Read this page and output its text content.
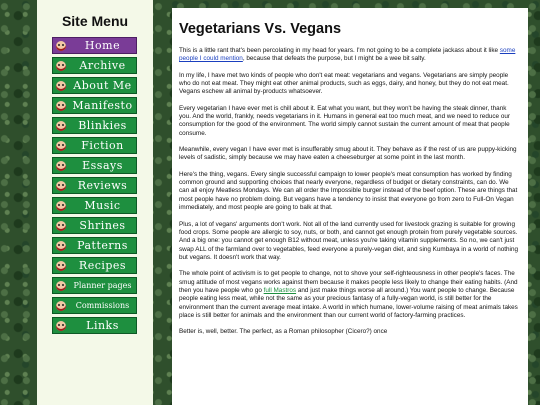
Site Menu
Home
Archive
About Me
Manifesto
Blinkies
Fiction
Essays
Reviews
Music
Shrines
Patterns
Recipes
Planner pages
Commissions
Links
Vegetarians Vs. Vegans

This is a little rant that's been percolating in my head for years. I'm not going to be a complete jackass about it like some people I could mention, because that defeats the purpose, but I might be a wee bit salty.

In my life, I have met two kinds of people who don't eat meat: vegetarians and vegans. Vegetarians are simply people who do not eat meat. They might eat other animal products, such as eggs, dairy, and honey, but they do not eat meat. Vegans eschew all animal by-products whatsoever.

Every vegetarian I have ever met is chill about it. Eat what you want, but they won't be having the steak dinner, thank you. And the world, frankly, needs vegetarians in it. Humans in general eat too much meat, and we need to reduce our consumption for the good of the environment. The world simply cannot sustain the current amount of meat that people consume.

Meanwhile, every vegan I have ever met is insufferably smug about it. They behave as if the rest of us are puppy-kicking levels of sadistic, simply because we may have eaten a cheeseburger at some point in the last month.

Here's the thing, vegans. Every single successful campaign to lower people's meat consumption has worked by finding common ground and supporting choices that nearly everyone, regardless of budget or dietary constraints, can do. We can all enjoy Meatless Mondays. We can all order the Impossible burger instead of the beef option. These are things that most people have no problem doing. But vegans have a tendency to insist that everyone go from zero to Full-On Vegan immediately, and most people are going to balk at that.

Plus, a lot of vegans' arguments don't work. Not all of the land currently used for livestock grazing is suitable for growing food crops. Some people are allergic to soy, nuts, or both, and cannot get enough protein from purely vegetable sources. And a big one: you cannot get enough B12 without meat, unless you're taking vitamin supplements. So no, we can't just swap ALL of the farmland over to vegetables, feed everyone a purely-vegan diet, and sing Kumbaya in a world of nothing but vegans. It doesn't work that way.

The whole point of activism is to get people to change, not to shove your self-righteousness in other people's faces. The smug attitude of most vegans works against them because it makes people less likely to change their eating habits. (And then you have people who go full Mastros and just make things worse all around.) You want people to change. Because people eating less meat, while not the same as your precious fantasy of a fully-vegan world, is still better for the environment than the current average meat intake. A world in which humane, lower-volume raising of meat animals takes place is still better for animals and the environment than our current world of factory-farming practices.

Better is, well, better. The perfect, as a Roman philosopher (Cicero?) once
